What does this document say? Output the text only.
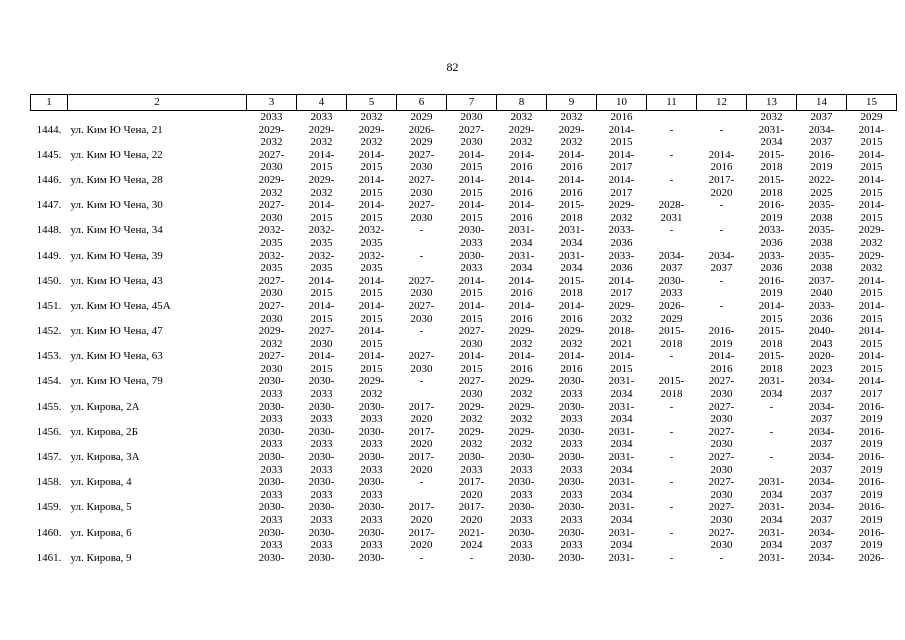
82
1	2	3	4	5	6	7	8	9	10	11	12	13	14	15
		2033	2033	2032	2029	2030	2032	2032	2016			2032	2037	2029
1444.	ул. Ким Ю Чена, 21	2029-	2029-	2029-	2026-	2027-	2029-	2029-	2014-	-	-	2031-	2034-	2014-
		2032	2032	2032	2029	2030	2032	2032	2015			2034	2037	2015
1445.	ул. Ким Ю Чена, 22	2027-	2014-	2014-	2027-	2014-	2014-	2014-	2014-	-	2014-	2015-	2016-	2014-
		2030	2015	2015	2030	2015	2016	2016	2017		2016	2018	2019	2015
1446.	ул. Ким Ю Чена, 28	2029-	2029-	2014-	2027-	2014-	2014-	2014-	2014-	-	2017-	2015-	2022-	2014-
		2032	2032	2015	2030	2015	2016	2016	2017		2020	2018	2025	2015
1447.	ул. Ким Ю Чена, 30	2027-	2014-	2014-	2027-	2014-	2014-	2015-	2029-	2028-	-	2016-	2035-	2014-
		2030	2015	2015	2030	2015	2016	2018	2032	2031		2019	2038	2015
1448.	ул. Ким Ю Чена, 34	2032-	2032-	2032-	-	2030-	2031-	2031-	2033-	-	-	2033-	2035-	2029-
		2035	2035	2035		2033	2034	2034	2036			2036	2038	2032
1449.	ул. Ким Ю Чена, 39	2032-	2032-	2032-	-	2030-	2031-	2031-	2033-	2034-	2034-	2033-	2035-	2029-
		2035	2035	2035		2033	2034	2034	2036	2037	2037	2036	2038	2032
1450.	ул. Ким Ю Чена, 43	2027-	2014-	2014-	2027-	2014-	2014-	2015-	2014-	2030-	-	2016-	2037-	2014-
		2030	2015	2015	2030	2015	2016	2018	2017	2033		2019	2040	2015
1451.	ул. Ким Ю Чена, 45А	2027-	2014-	2014-	2027-	2014-	2014-	2014-	2029-	2026-	-	2014-	2033-	2014-
		2030	2015	2015	2030	2015	2016	2016	2032	2029		2015	2036	2015
1452.	ул. Ким Ю Чена, 47	2029-	2027-	2014-	-	2027-	2029-	2029-	2018-	2015-	2016-	2015-	2040-	2014-
		2032	2030	2015		2030	2032	2032	2021	2018	2019	2018	2043	2015
1453.	ул. Ким Ю Чена, 63	2027-	2014-	2014-	2027-	2014-	2014-	2014-	2014-	-	2014-	2015-	2020-	2014-
		2030	2015	2015	2030	2015	2016	2016	2015		2016	2018	2023	2015
1454.	ул. Ким Ю Чена, 79	2030-	2030-	2029-	-	2027-	2029-	2030-	2031-	2015-	2027-	2031-	2034-	2014-
		2033	2033	2032		2030	2032	2033	2034	2018	2030	2034	2037	2017
1455.	ул. Кирова, 2А	2030-	2030-	2030-	2017-	2029-	2029-	2030-	2031-	-	2027-	-	2034-	2016-
		2033	2033	2033	2020	2032	2032	2033	2034		2030		2037	2019
1456.	ул. Кирова, 2Б	2030-	2030-	2030-	2017-	2029-	2029-	2030-	2031-	-	2027-	-	2034-	2016-
		2033	2033	2033	2020	2032	2032	2033	2034		2030		2037	2019
1457.	ул. Кирова, 3А	2030-	2030-	2030-	2017-	2030-	2030-	2030-	2031-	-	2027-	-	2034-	2016-
		2033	2033	2033	2020	2033	2033	2033	2034		2030		2037	2019
1458.	ул. Кирова, 4	2030-	2030-	2030-	-	2017-	2030-	2030-	2031-	-	2027-	2031-	2034-	2016-
		2033	2033	2033		2020	2033	2033	2034		2030	2034	2037	2019
1459.	ул. Кирова, 5	2030-	2030-	2030-	2017-	2017-	2030-	2030-	2031-	-	2027-	2031-	2034-	2016-
		2033	2033	2033	2020	2020	2033	2033	2034		2030	2034	2037	2019
1460.	ул. Кирова, 6	2030-	2030-	2030-	2017-	2021-	2030-	2030-	2031-	-	2027-	2031-	2034-	2016-
		2033	2033	2033	2020	2024	2033	2033	2034		2030	2034	2037	2019
1461.	ул. Кирова, 9	2030-	2030-	2030-	-	-	2030-	2030-	2031-	-	-	2031-	2034-	2026-
